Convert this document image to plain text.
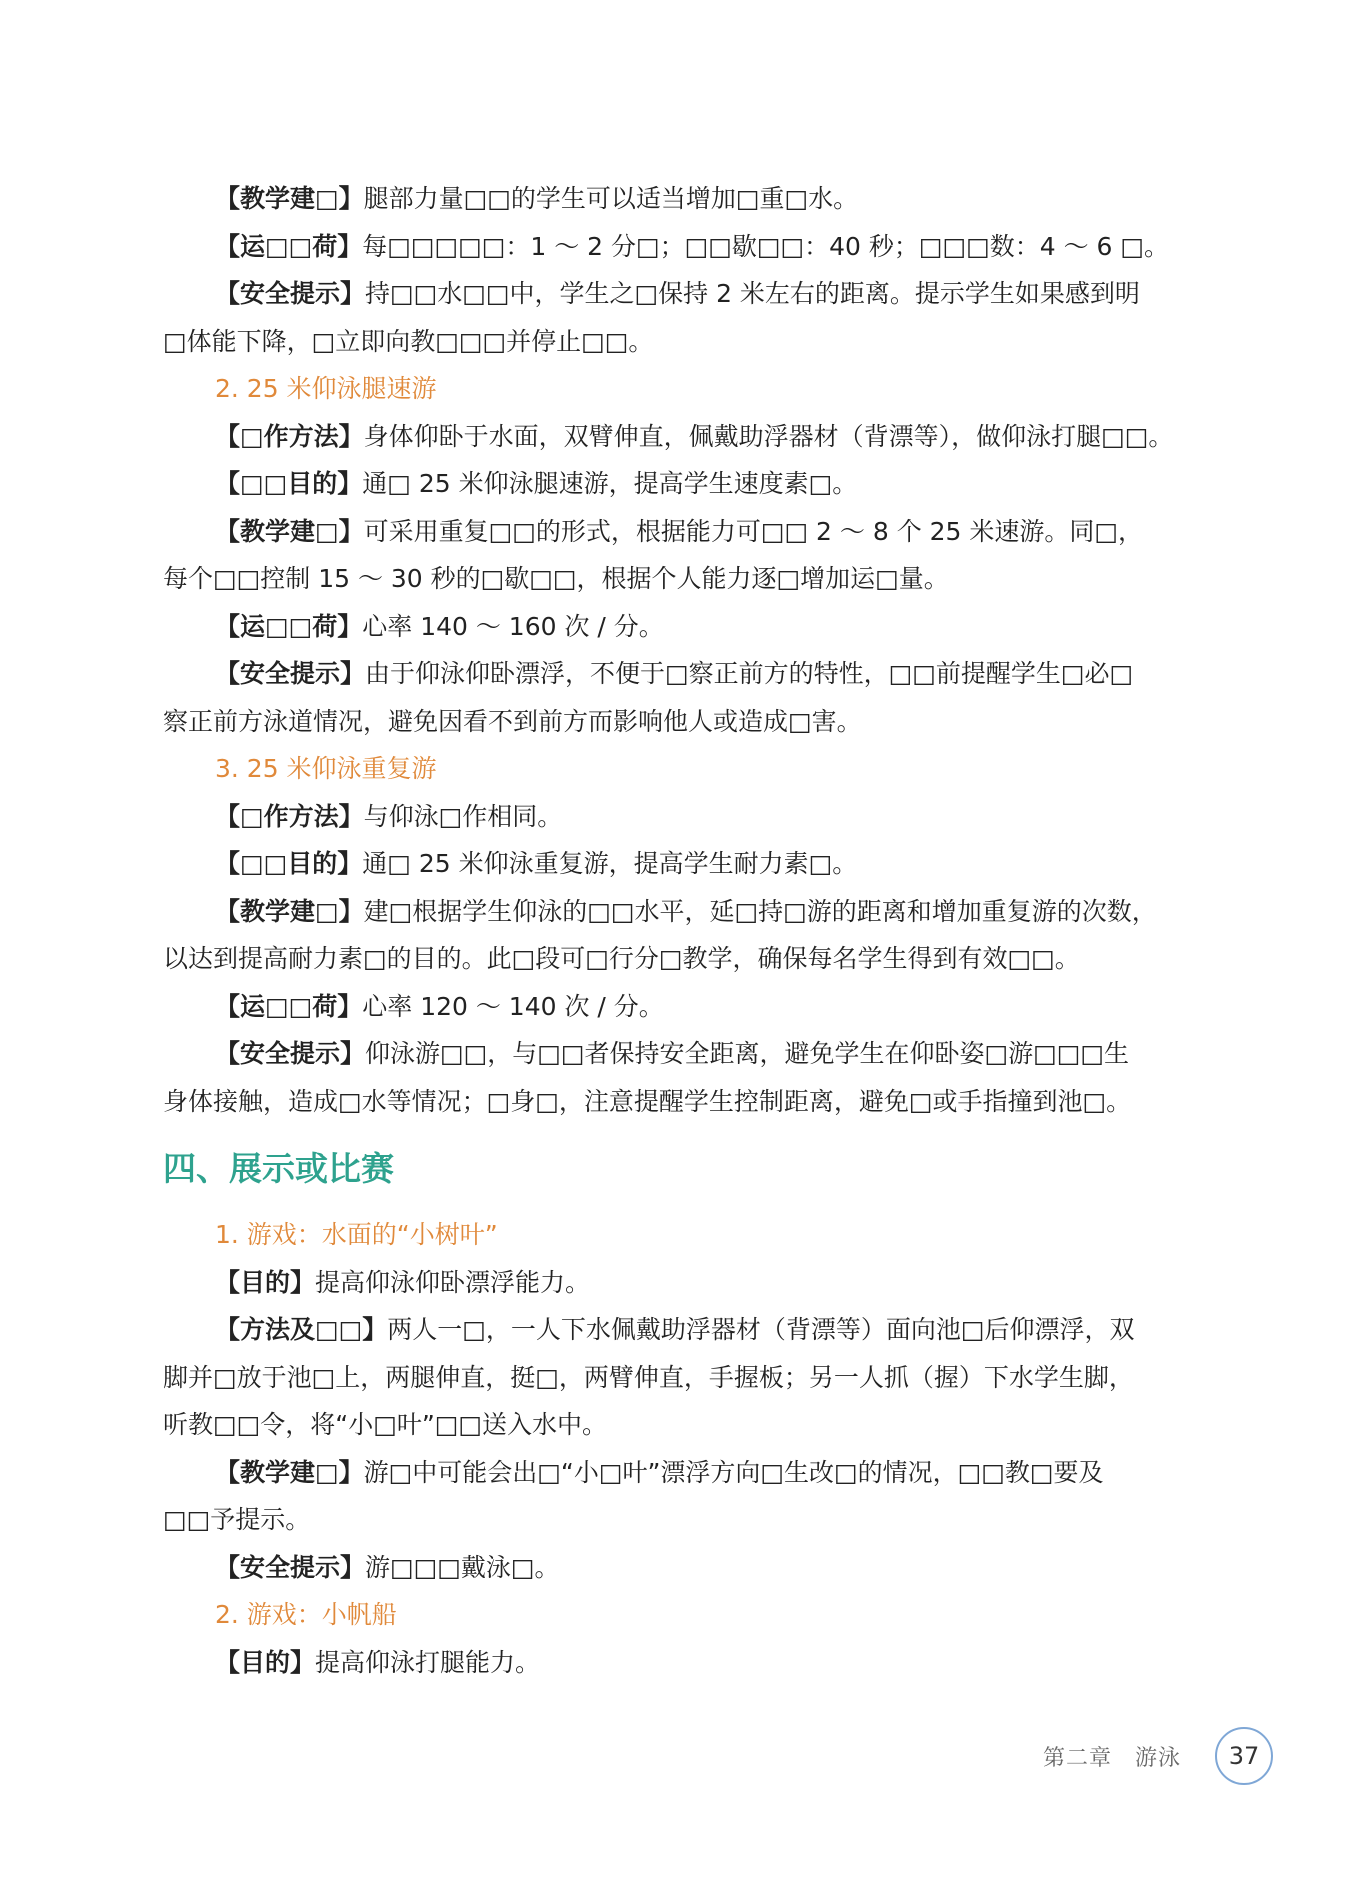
【教学建□】腿部力量□□的学生可以适当增加□重□水。

【运□□荷】每□□□□□：1 ～ 2 分□；□□歇□□：40 秒；□□□数：4 ～ 6 □。

【安全提示】持□□水□□中，学生之□保持 2 米左右的距离。提示学生如果感到明

□体能下降，□立即向教□□□并停止□□。

2. 25 米仰泳腿速游

【□作方法】身体仰卧于水面，双臂伸直，佩戴助浮器材（背漂等），做仰泳打腿□□。

【□□目的】通□ 25 米仰泳腿速游，提高学生速度素□。

【教学建□】可采用重复□□的形式，根据能力可□□ 2 ～ 8 个 25 米速游。同□，

每个□□控制 15 ～ 30 秒的□歇□□，根据个人能力逐□增加运□量。

【运□□荷】心率 140 ～ 160 次 / 分。

【安全提示】由于仰泳仰卧漂浮，不便于□察正前方的特性，□□前提醒学生□必□

察正前方泳道情况，避免因看不到前方而影响他人或造成□害。

3. 25 米仰泳重复游

【□作方法】与仰泳□作相同。

【□□目的】通□ 25 米仰泳重复游，提高学生耐力素□。

【教学建□】建□根据学生仰泳的□□水平，延□持□游的距离和增加重复游的次数，

以达到提高耐力素□的目的。此□段可□行分□教学，确保每名学生得到有效□□。

【运□□荷】心率 120 ～ 140 次 / 分。

【安全提示】仰泳游□□，与□□者保持安全距离，避免学生在仰卧姿□游□□□生

身体接触，造成□水等情况；□身□，注意提醒学生控制距离，避免□或手指撞到池□。

四、展示或比赛

1. 游戏：水面的“小树叶”

【目的】提高仰泳仰卧漂浮能力。

【方法及□□】两人一□，一人下水佩戴助浮器材（背漂等）面向池□后仰漂浮，双

脚并□放于池□上，两腿伸直，挺□，两臂伸直，手握板；另一人抓（握）下水学生脚，

听教□□令，将“小□叶”□□送入水中。

【教学建□】游□中可能会出□“小□叶”漂浮方向□生改□的情况，□□教□要及

□□予提示。

【安全提示】游□□□戴泳□。

2. 游戏：小帆船

【目的】提高仰泳打腿能力。

第二章　游泳	37
